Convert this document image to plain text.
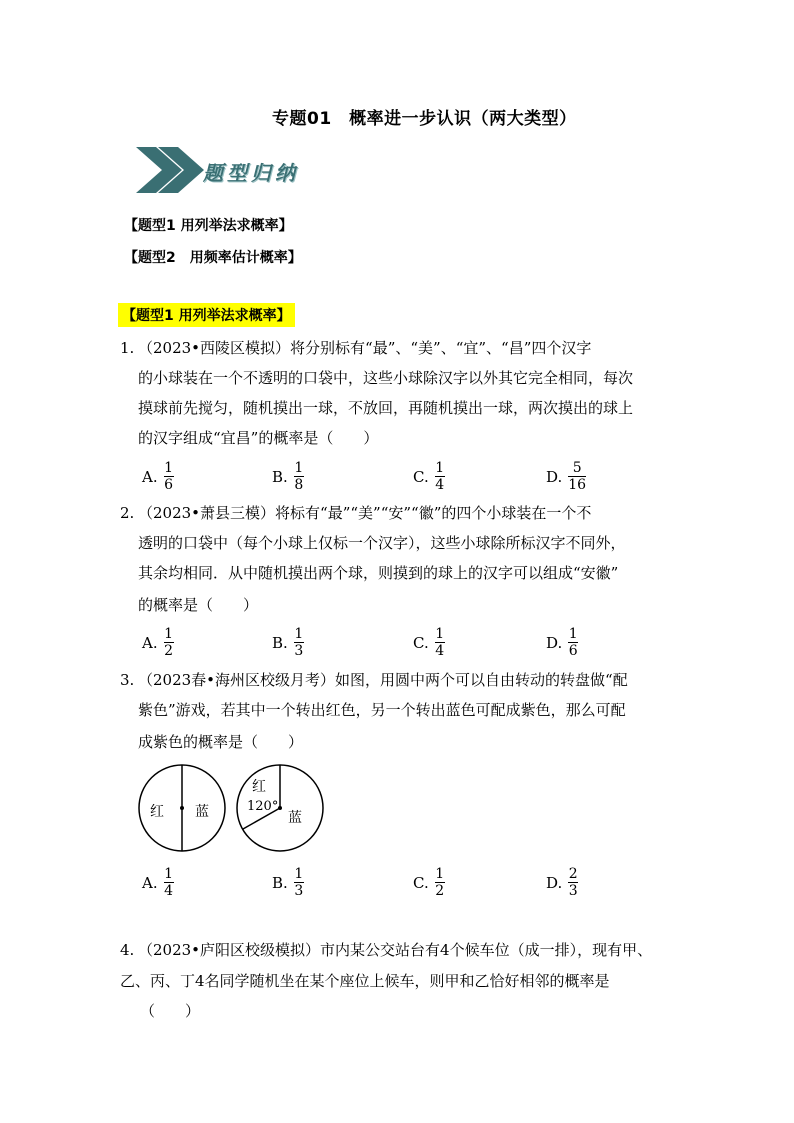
专题01　概率进一步认识（两大类型）
题型归纳
【题型1 用列举法求概率】
【题型2　用频率估计概率】
【题型1 用列举法求概率】
1. （2023•西陵区模拟）将分别标有“最”、“美”、“宜”、“昌”四个汉字
的小球装在一个不透明的口袋中，这些小球除汉字以外其它完全相同，每次
摸球前先搅匀，随机摸出一球，不放回，再随机摸出一球，两次摸出的球上
的汉字组成“宜昌”的概率是（　　）
A. $\frac{1}{6}$	B. $\frac{1}{8}$	C. $\frac{1}{4}$	D. $\frac{5}{16}$
2. （2023•萧县三模）将标有“最”“美”“安”“徽”的四个小球装在一个不
透明的口袋中（每个小球上仅标一个汉字），这些小球除所标汉字不同外，
其余均相同．从中随机摸出两个球，则摸到的球上的汉字可以组成“安徽”
的概率是（　　）
A. $\frac{1}{2}$	B. $\frac{1}{3}$	C. $\frac{1}{4}$	D. $\frac{1}{6}$
3. （2023春•海州区校级月考）如图，用圆中两个可以自由转动的转盘做“配
紫色”游戏，若其中一个转出红色，另一个转出蓝色可配成紫色，那么可配
成紫色的概率是（　　）
红 蓝
红
120°
蓝
A. $\frac{1}{4}$	B. $\frac{1}{3}$	C. $\frac{1}{2}$	D. $\frac{2}{3}$
4. （2023•庐阳区校级模拟）市内某公交站台有4个候车位（成一排），现有甲、
乙、丙、丁4名同学随机坐在某个座位上候车，则甲和乙恰好相邻的概率是
（　　）
